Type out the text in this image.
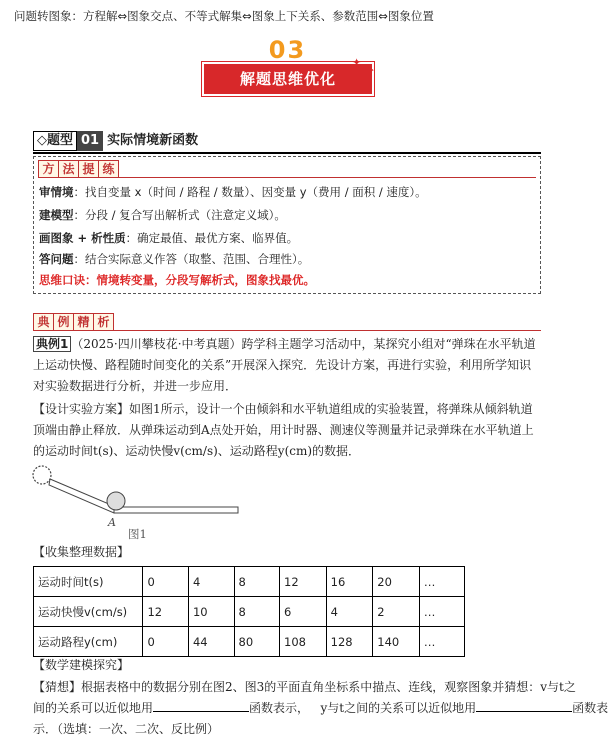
问题转图象：方程解⇔图象交点、不等式解集⇔图象上下关系、参数范围⇔图象位置
03
解题思维优化
✦
✦
◇题型 01 实际情境新函数
方 法 提 练
审情境：找自变量 x（时间 / 路程 / 数量）、因变量 y（费用 / 面积 / 速度）。
建模型：分段 / 复合写出解析式（注意定义域）。
画图象 + 析性质：确定最值、最优方案、临界值。
答问题：结合实际意义作答（取整、范围、合理性）。
思维口诀：情境转变量，分段写解析式，图象找最优。
典 例 精 析
典例1 （2025·四川攀枝花·中考真题）跨学科主题学习活动中，某探究小组对“弹珠在水平轨道上运动快慢、路程随时间变化的关系”开展深入探究．先设计方案，再进行实验，利用所学知识对实验数据进行分析，并进一步应用．
【设计实验方案】如图1所示，设计一个由倾斜和水平轨道组成的实验装置，将弹珠从倾斜轨道顶端由静止释放．从弹珠运动到A点处开始，用计时器、测速仪等测量并记录弹珠在水平轨道上的运动时间t(s)、运动快慢v(cm/s)、运动路程y(cm)的数据．
A
图1
【收集整理数据】
运动时间t(s)	0	4	8	12	16	20	…
运动快慢v(cm/s)	12	10	8	6	4	2	…
运动路程y(cm)	0	44	80	108	128	140	…
【数学建模探究】
【猜想】根据表格中的数据分别在图2、图3的平面直角坐标系中描点、连线，观察图象并猜想：v与t之
间的关系可以近似地用	函数表示， y与t之间的关系可以近似地用	函数表
示．（选填：一次、二次、反比例）
